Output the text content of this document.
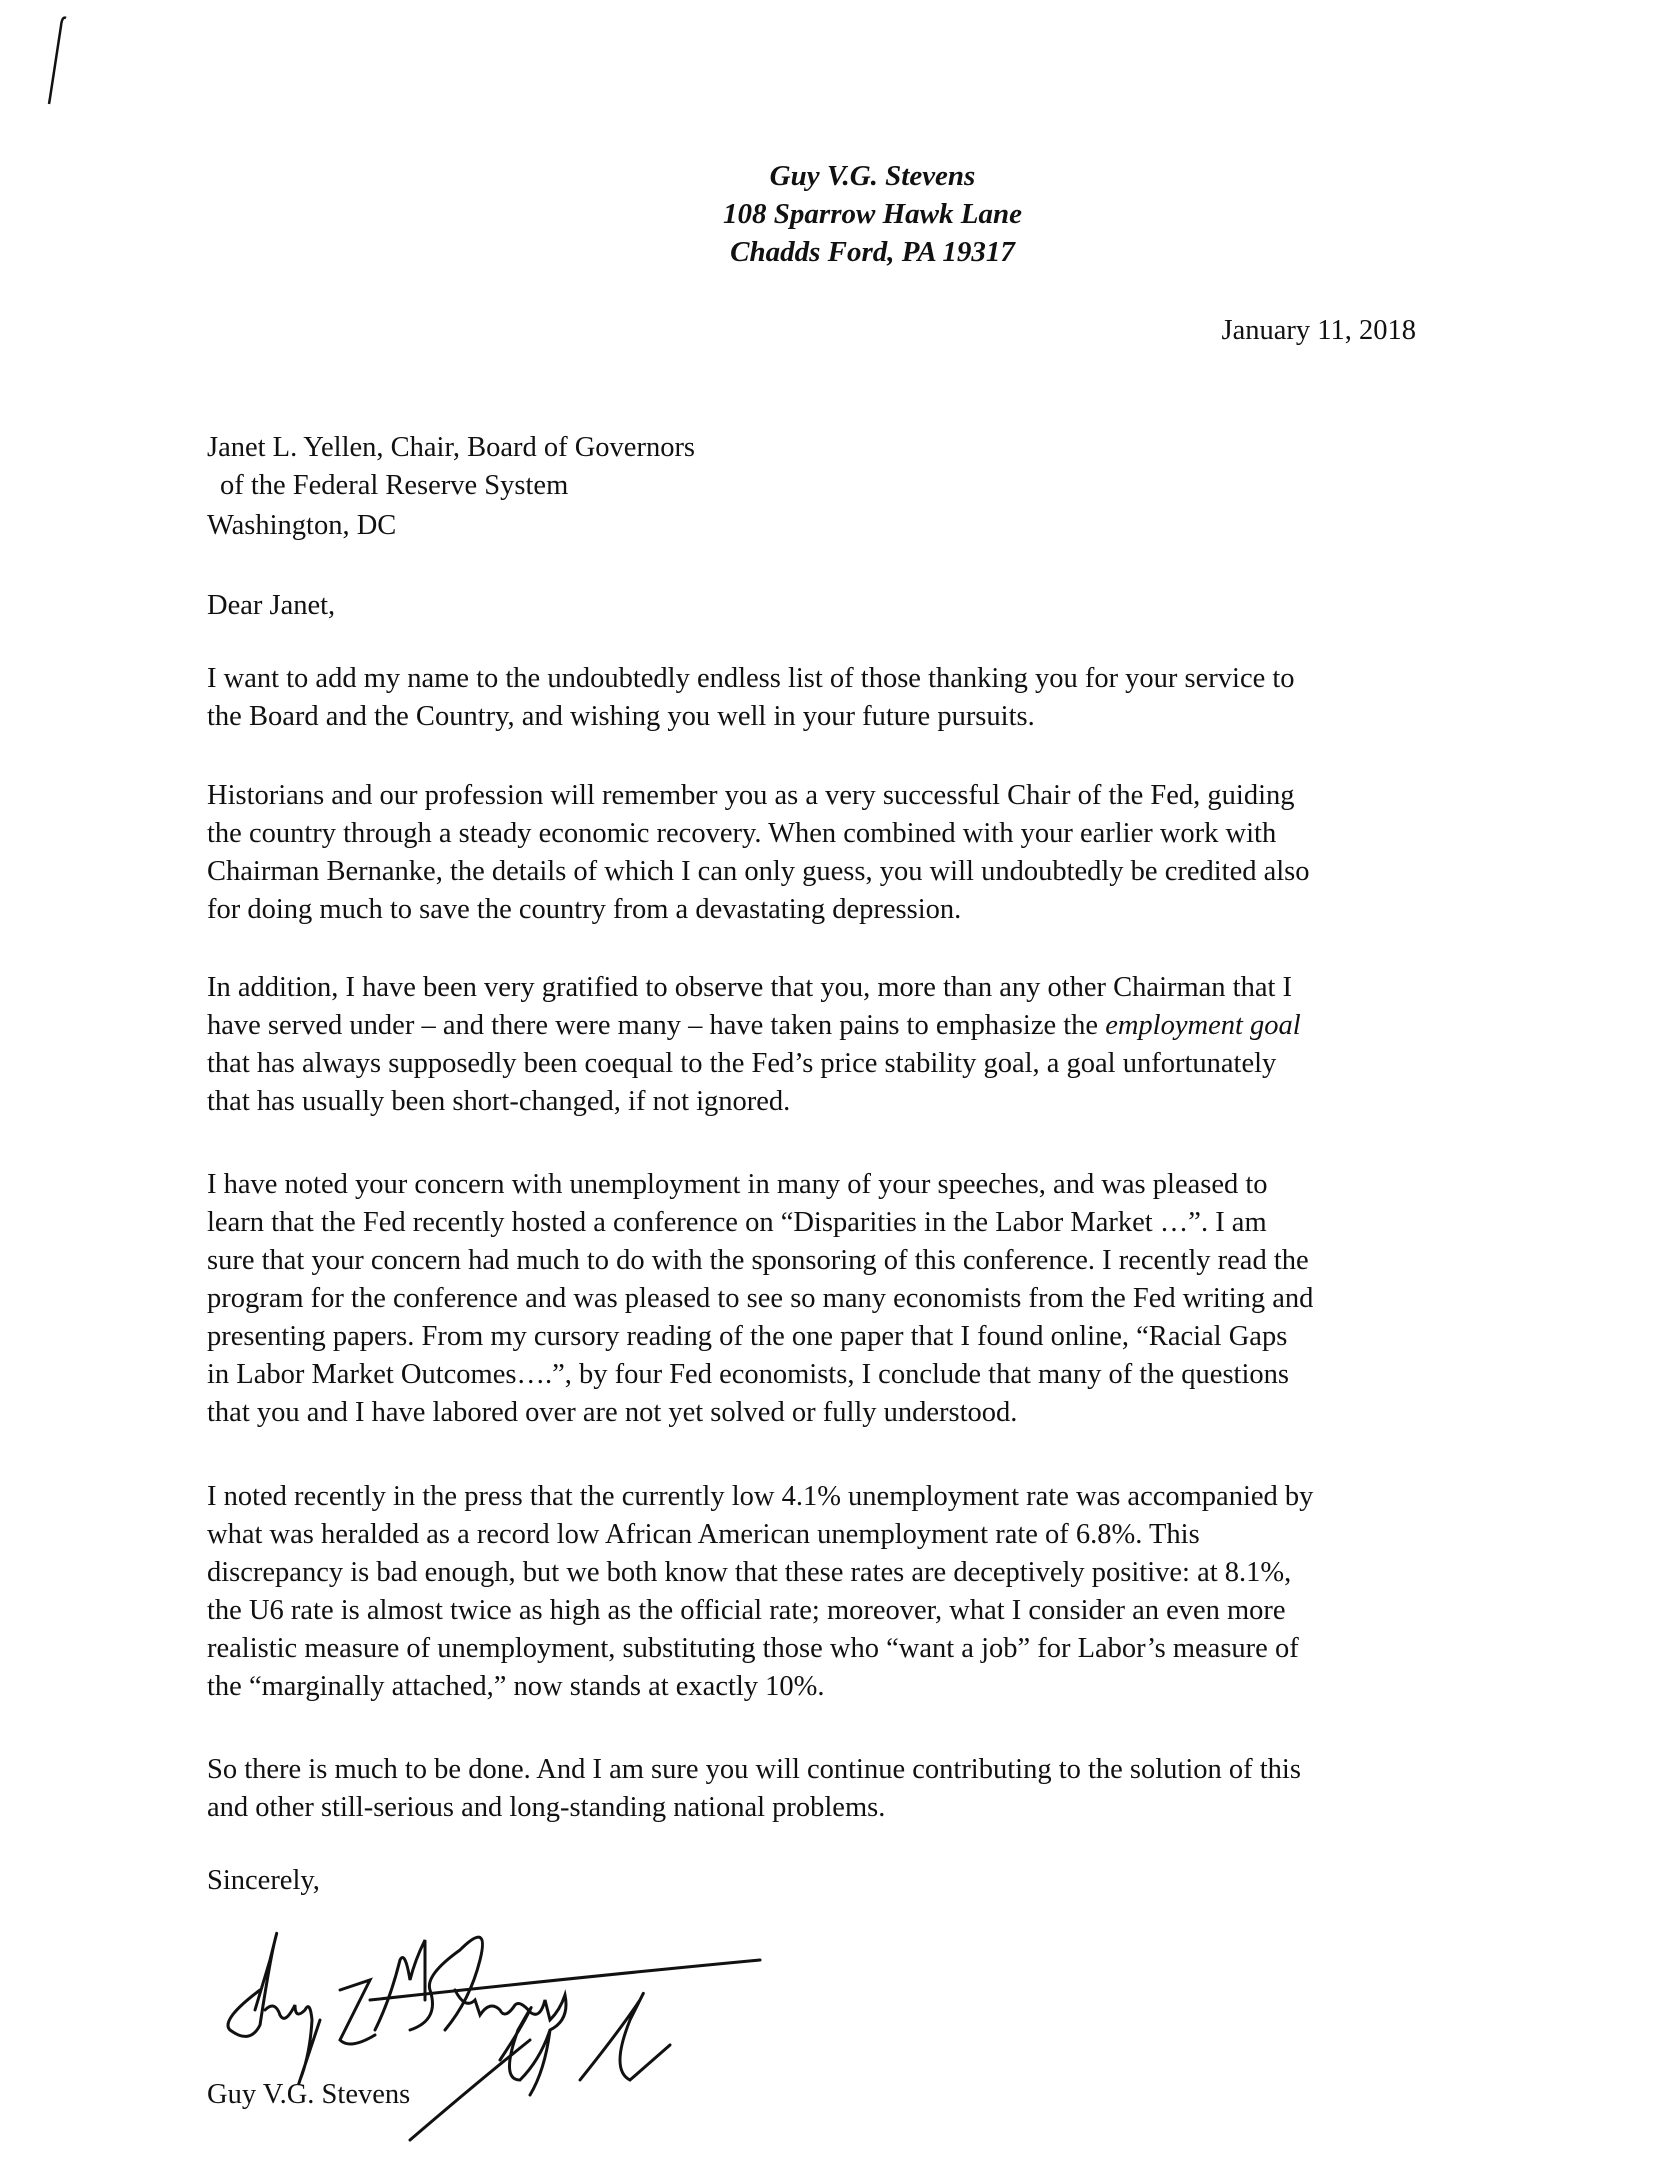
Guy V.G. Stevens
108 Sparrow Hawk Lane
Chadds Ford, PA 19317
January 11, 2018
Janet L. Yellen, Chair, Board of Governors
of the Federal Reserve System
Washington, DC
Dear Janet,
I want to add my name to the undoubtedly endless list of those thanking you for your service to
the Board and the Country, and wishing you well in your future pursuits.
Historians and our profession will remember you as a very successful Chair of the Fed, guiding
the country through a steady economic recovery. When combined with your earlier work with
Chairman Bernanke, the details of which I can only guess, you will undoubtedly be credited also
for doing much to save the country from a devastating depression.
In addition, I have been very gratified to observe that you, more than any other Chairman that I
have served under – and there were many – have taken pains to emphasize the employment goal
that has always supposedly been coequal to the Fed’s price stability goal, a goal unfortunately
that has usually been short-changed, if not ignored.
I have noted your concern with unemployment in many of your speeches, and was pleased to
learn that the Fed recently hosted a conference on “Disparities in the Labor Market …”. I am
sure that your concern had much to do with the sponsoring of this conference. I recently read the
program for the conference and was pleased to see so many economists from the Fed writing and
presenting papers. From my cursory reading of the one paper that I found online, “Racial Gaps
in Labor Market Outcomes….”, by four Fed economists, I conclude that many of the questions
that you and I have labored over are not yet solved or fully understood.
I noted recently in the press that the currently low 4.1% unemployment rate was accompanied by
what was heralded as a record low African American unemployment rate of 6.8%. This
discrepancy is bad enough, but we both know that these rates are deceptively positive: at 8.1%,
the U6 rate is almost twice as high as the official rate; moreover, what I consider an even more
realistic measure of unemployment, substituting those who “want a job” for Labor’s measure of
the “marginally attached,” now stands at exactly 10%.
So there is much to be done. And I am sure you will continue contributing to the solution of this
and other still-serious and long-standing national problems.
Sincerely,
Guy V.G. Stevens
